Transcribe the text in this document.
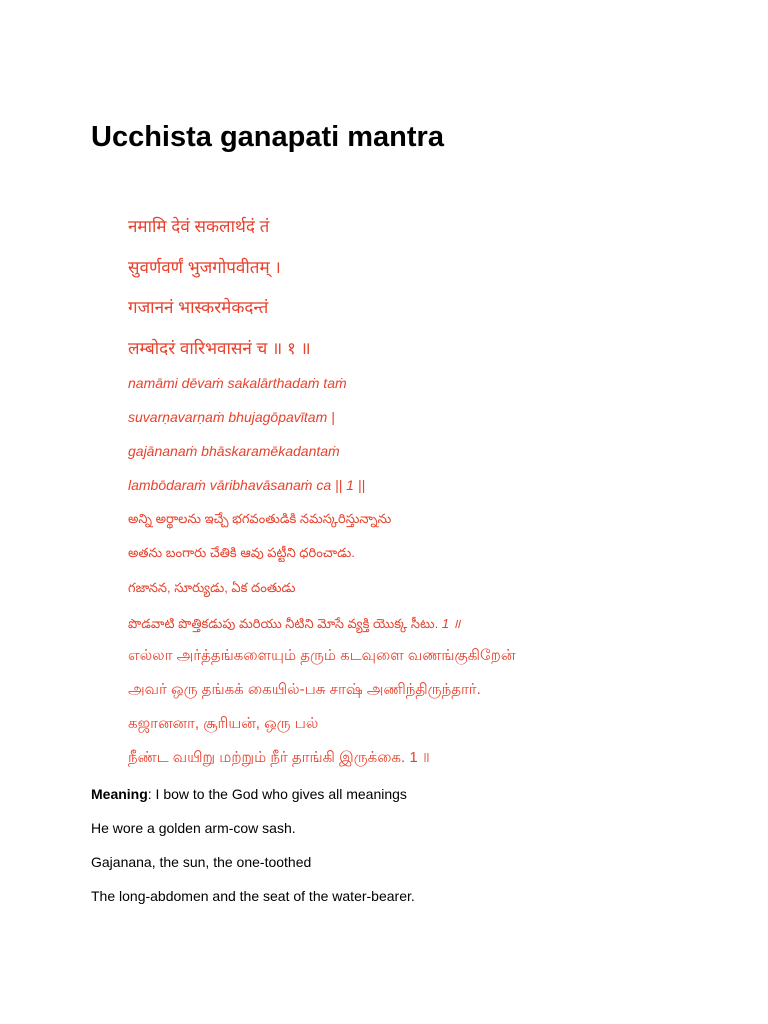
Ucchista ganapati mantra
नमामि देवं सकलार्थदं तं
सुवर्णवर्णं भुजगोपवीतम् ।
गजाननं भास्करमेकदन्तं
लम्बोदरं वारिभवासनं च ॥ १ ॥
namāmi dēvaṁ sakalārthadaṁ taṁ
suvarṇavarṇaṁ bhujagōpavītam |
gajānanaṁ bhāskaramēkadantaṁ
lambōdaraṁ vāribhavāsanaṁ ca || 1 ||
అన్ని అర్థాలను ఇచ్చే భగవంతుడికి నమస్కరిస్తున్నాను
అతను బంగారు చేతికి ఆవు పట్టీని ధరించాడు.
గజానన, సూర్యుడు, ఏక దంతుడు
పొడవాటి పొత్తికడుపు మరియు నీటిని మోసే వ్యక్తి యొక్క సీటు. 1 ॥
எல்லா அர்த்தங்களையும் தரும் கடவுளை வணங்குகிறேன்
அவர் ஒரு தங்கக் கையில்-பசு சாஷ் அணிந்திருந்தார்.
கஜானனா, சூரியன், ஒரு பல்
நீண்ட வயிறு மற்றும் நீர் தாங்கி இருக்கை. 1 ॥
Meaning: I bow to the God who gives all meanings
He wore a golden arm-cow sash.
Gajanana, the sun, the one-toothed
The long-abdomen and the seat of the water-bearer.
